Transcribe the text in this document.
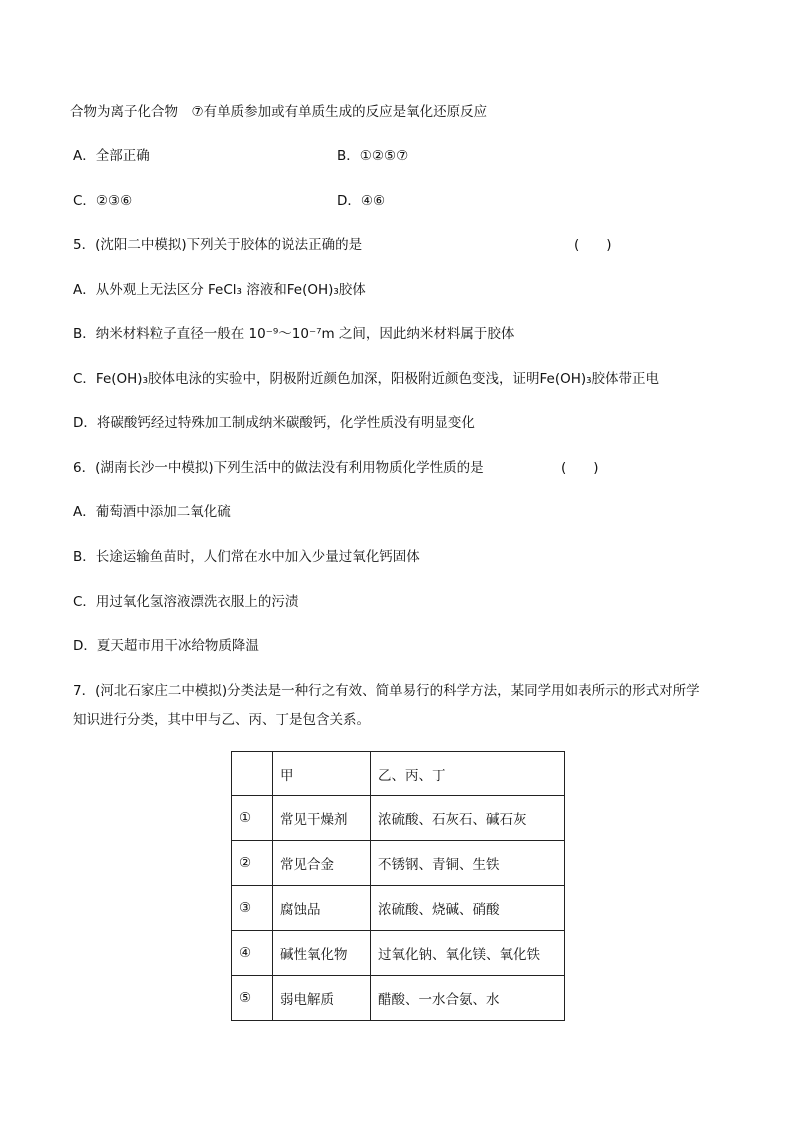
合物为离子化合物　⑦有单质参加或有单质生成的反应是氧化还原反应
A．全部正确	B．①②⑤⑦
C．②③⑥	D．④⑥
5．(沈阳二中模拟)下列关于胶体的说法正确的是	(　　)
A．从外观上无法区分 FeCl₃ 溶液和Fe(OH)₃胶体
B．纳米材料粒子直径一般在 10⁻⁹～10⁻⁷m 之间，因此纳米材料属于胶体
C．Fe(OH)₃胶体电泳的实验中，阴极附近颜色加深，阳极附近颜色变浅，证明Fe(OH)₃胶体带正电
D．将碳酸钙经过特殊加工制成纳米碳酸钙，化学性质没有明显变化
6．(湖南长沙一中模拟)下列生活中的做法没有利用物质化学性质的是	(　　)
A．葡萄酒中添加二氧化硫
B．长途运输鱼苗时，人们常在水中加入少量过氧化钙固体
C．用过氧化氢溶液漂洗衣服上的污渍
D．夏天超市用干冰给物质降温
7．(河北石家庄二中模拟)分类法是一种行之有效、简单易行的科学方法，某同学用如表所示的形式对所学
知识进行分类，其中甲与乙、丙、丁是包含关系。
	甲	乙、丙、丁
①	常见干燥剂	浓硫酸、石灰石、碱石灰
②	常见合金	不锈钢、青铜、生铁
③	腐蚀品	浓硫酸、烧碱、硝酸
④	碱性氧化物	过氧化钠、氧化镁、氧化铁
⑤	弱电解质	醋酸、一水合氨、水
